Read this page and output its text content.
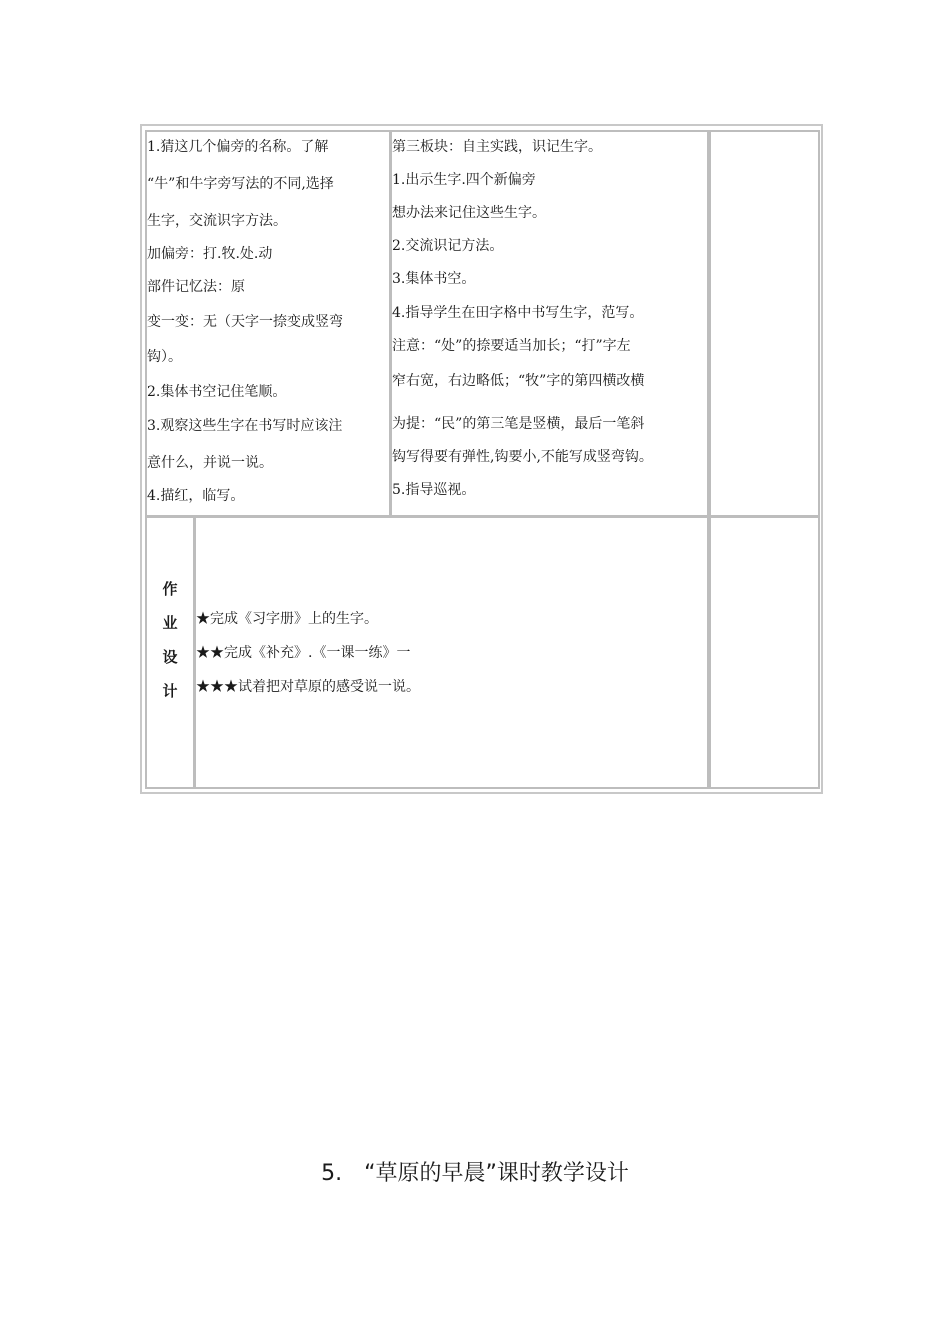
1.猜这几个偏旁的名称。了解
“牛”和牛字旁写法的不同,选择
生字，交流识字方法。
加偏旁：打.牧.处.动
部件记忆法：原
变一变：无（天字一捺变成竖弯
钩）。
2.集体书空记住笔顺。
3.观察这些生字在书写时应该注
意什么，并说一说。
4.描红，临写。
第三板块：自主实践，识记生字。
1.出示生字.四个新偏旁
想办法来记住这些生字。
2.交流识记方法。
3.集体书空。
4.指导学生在田字格中书写生字，范写。
注意：“处”的捺要适当加长；“打”字左
窄右宽，右边略低；“牧”字的第四横改横
为提：“民”的第三笔是竖横，最后一笔斜
钩写得要有弹性,钩要小,不能写成竖弯钩。
5.指导巡视。
作
业
设
计
★完成《习字册》上的生字。
★★完成《补充》.《一课一练》一
★★★试着把对草原的感受说一说。
5.　“草原的早晨”课时教学设计
